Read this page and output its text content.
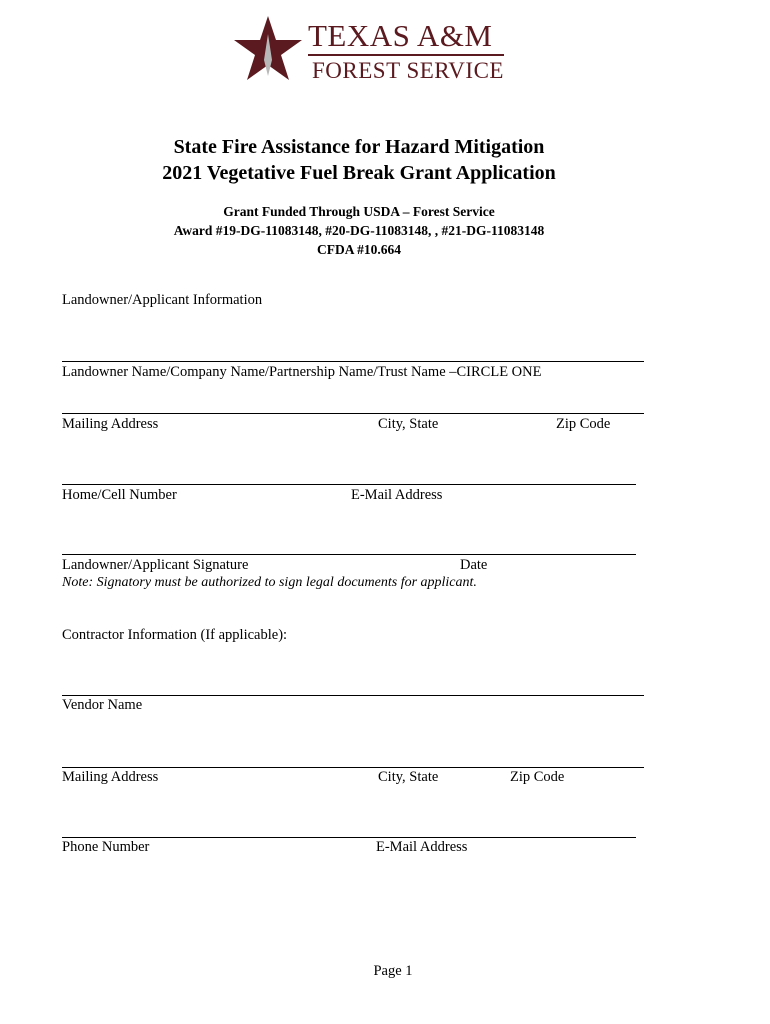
TEXAS A&M
FOREST SERVICE
State Fire Assistance for Hazard Mitigation
2021 Vegetative Fuel Break Grant Application
Grant Funded Through USDA – Forest Service
Award #19-DG-11083148, #20-DG-11083148, , #21-DG-11083148
CFDA #10.664
Landowner/Applicant Information
Landowner Name/Company Name/Partnership Name/Trust Name –CIRCLE ONE
Mailing Address	City, State	Zip Code
Home/Cell Number	E-Mail Address
Landowner/Applicant Signature	Date
Note: Signatory must be authorized to sign legal documents for applicant.
Contractor Information (If applicable):
Vendor Name
Mailing Address	City, State	Zip Code
Phone Number	E-Mail Address
Page 1
